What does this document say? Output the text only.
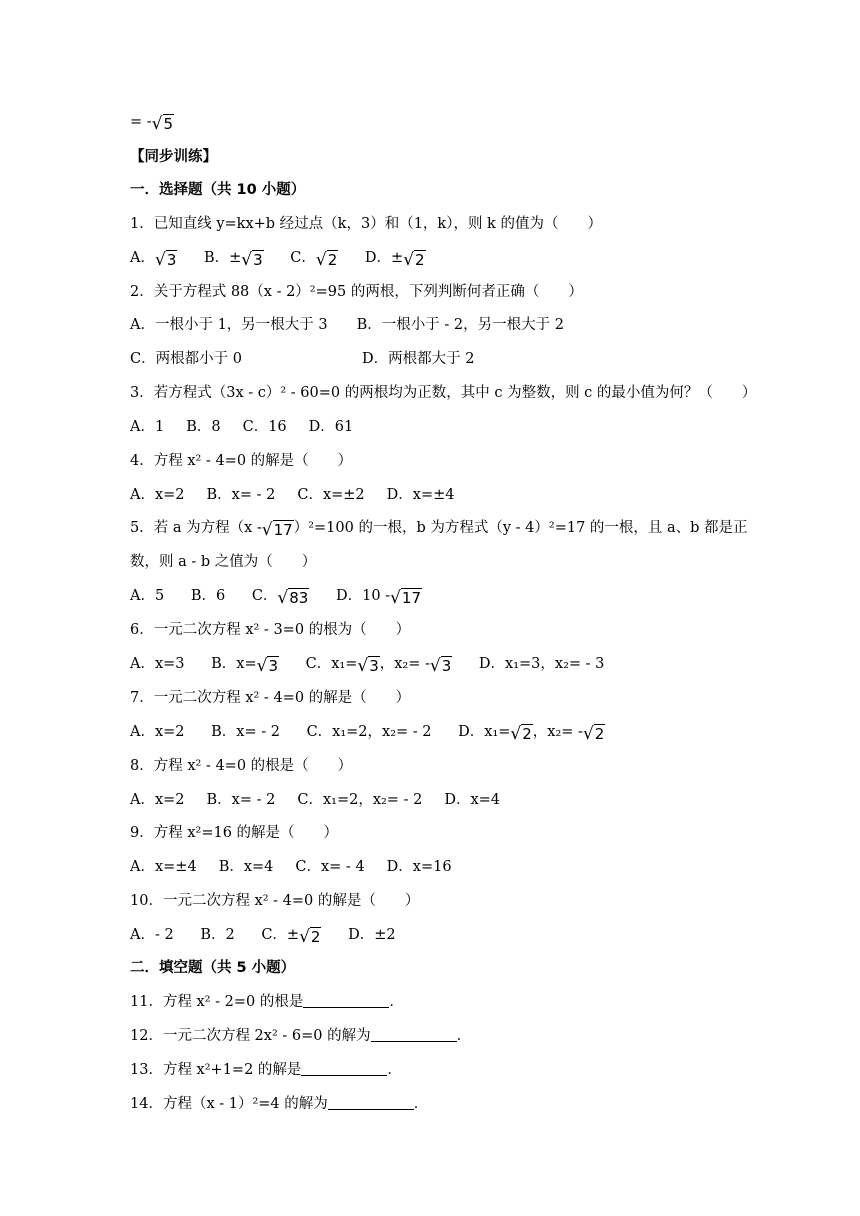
= -√5
【同步训练】
一．选择题（共 10 小题）
1．已知直线 y=kx+b 经过点（k，3）和（1，k），则 k 的值为（　　）
A．√3 B．±√3 C．√2 D．±√2
2．关于方程式 88（x - 2）²=95 的两根，下列判断何者正确（　　）
A．一根小于 1，另一根大于 3　　B．一根小于 - 2，另一根大于 2
C．两根都小于 0	D．两根都大于 2
3．若方程式（3x - c）² - 60=0 的两根均为正数，其中 c 为整数，则 c 的最小值为何？（　　）
A．1 B．8 C．16 D．61
4．方程 x² - 4=0 的解是（　　）
A．x=2 B．x= - 2 C．x=±2 D．x=±4
5．若 a 为方程（x -√17）²=100 的一根，b 为方程式（y - 4）²=17 的一根，且 a、b 都是正
数，则 a - b 之值为（　　）
A．5 B．6 C．√83 D．10 -√17
6．一元二次方程 x² - 3=0 的根为（　　）
A．x=3 B．x=√3 C．x₁=√3，x₂= -√3 D．x₁=3，x₂= - 3
7．一元二次方程 x² - 4=0 的解是（　　）
A．x=2 B．x= - 2 C．x₁=2，x₂= - 2 D．x₁=√2，x₂= -√2
8．方程 x² - 4=0 的根是（　　）
A．x=2 B．x= - 2 C．x₁=2，x₂= - 2 D．x=4
9．方程 x²=16 的解是（　　）
A．x=±4 B．x=4 C．x= - 4 D．x=16
10．一元二次方程 x² - 4=0 的解是（　　）
A．- 2 B．2 C．±√2 D．±2
二．填空题（共 5 小题）
11．方程 x² - 2=0 的根是	．
12．一元二次方程 2x² - 6=0 的解为	．
13．方程 x²+1=2 的解是	．
14．方程（x - 1）²=4 的解为	．
